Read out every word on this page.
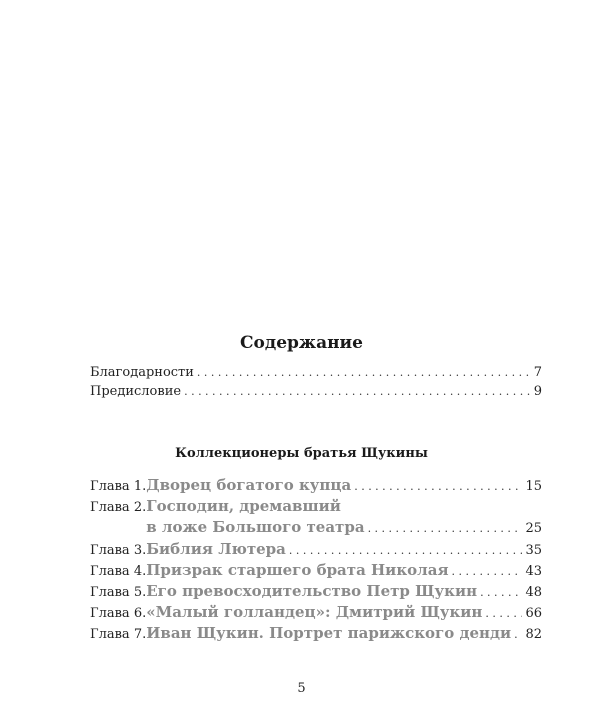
Содержание
Благодарности . . .	7
Предисловие . . .	9
Коллекционеры братья Щукины
Глава 1. Дворец богатого купца . . .	15
Глава 2. Господин, дремавший
в ложе Большого театра . . .	25
Глава 3. Библия Лютера . . .	35
Глава 4. Призрак старшего брата Николая . . .	43
Глава 5. Его превосходительство Петр Щукин . . .	48
Глава 6. «Малый голландец»: Дмитрий Щукин . . .	66
Глава 7. Иван Щукин. Портрет парижского денди . . . 82
5
